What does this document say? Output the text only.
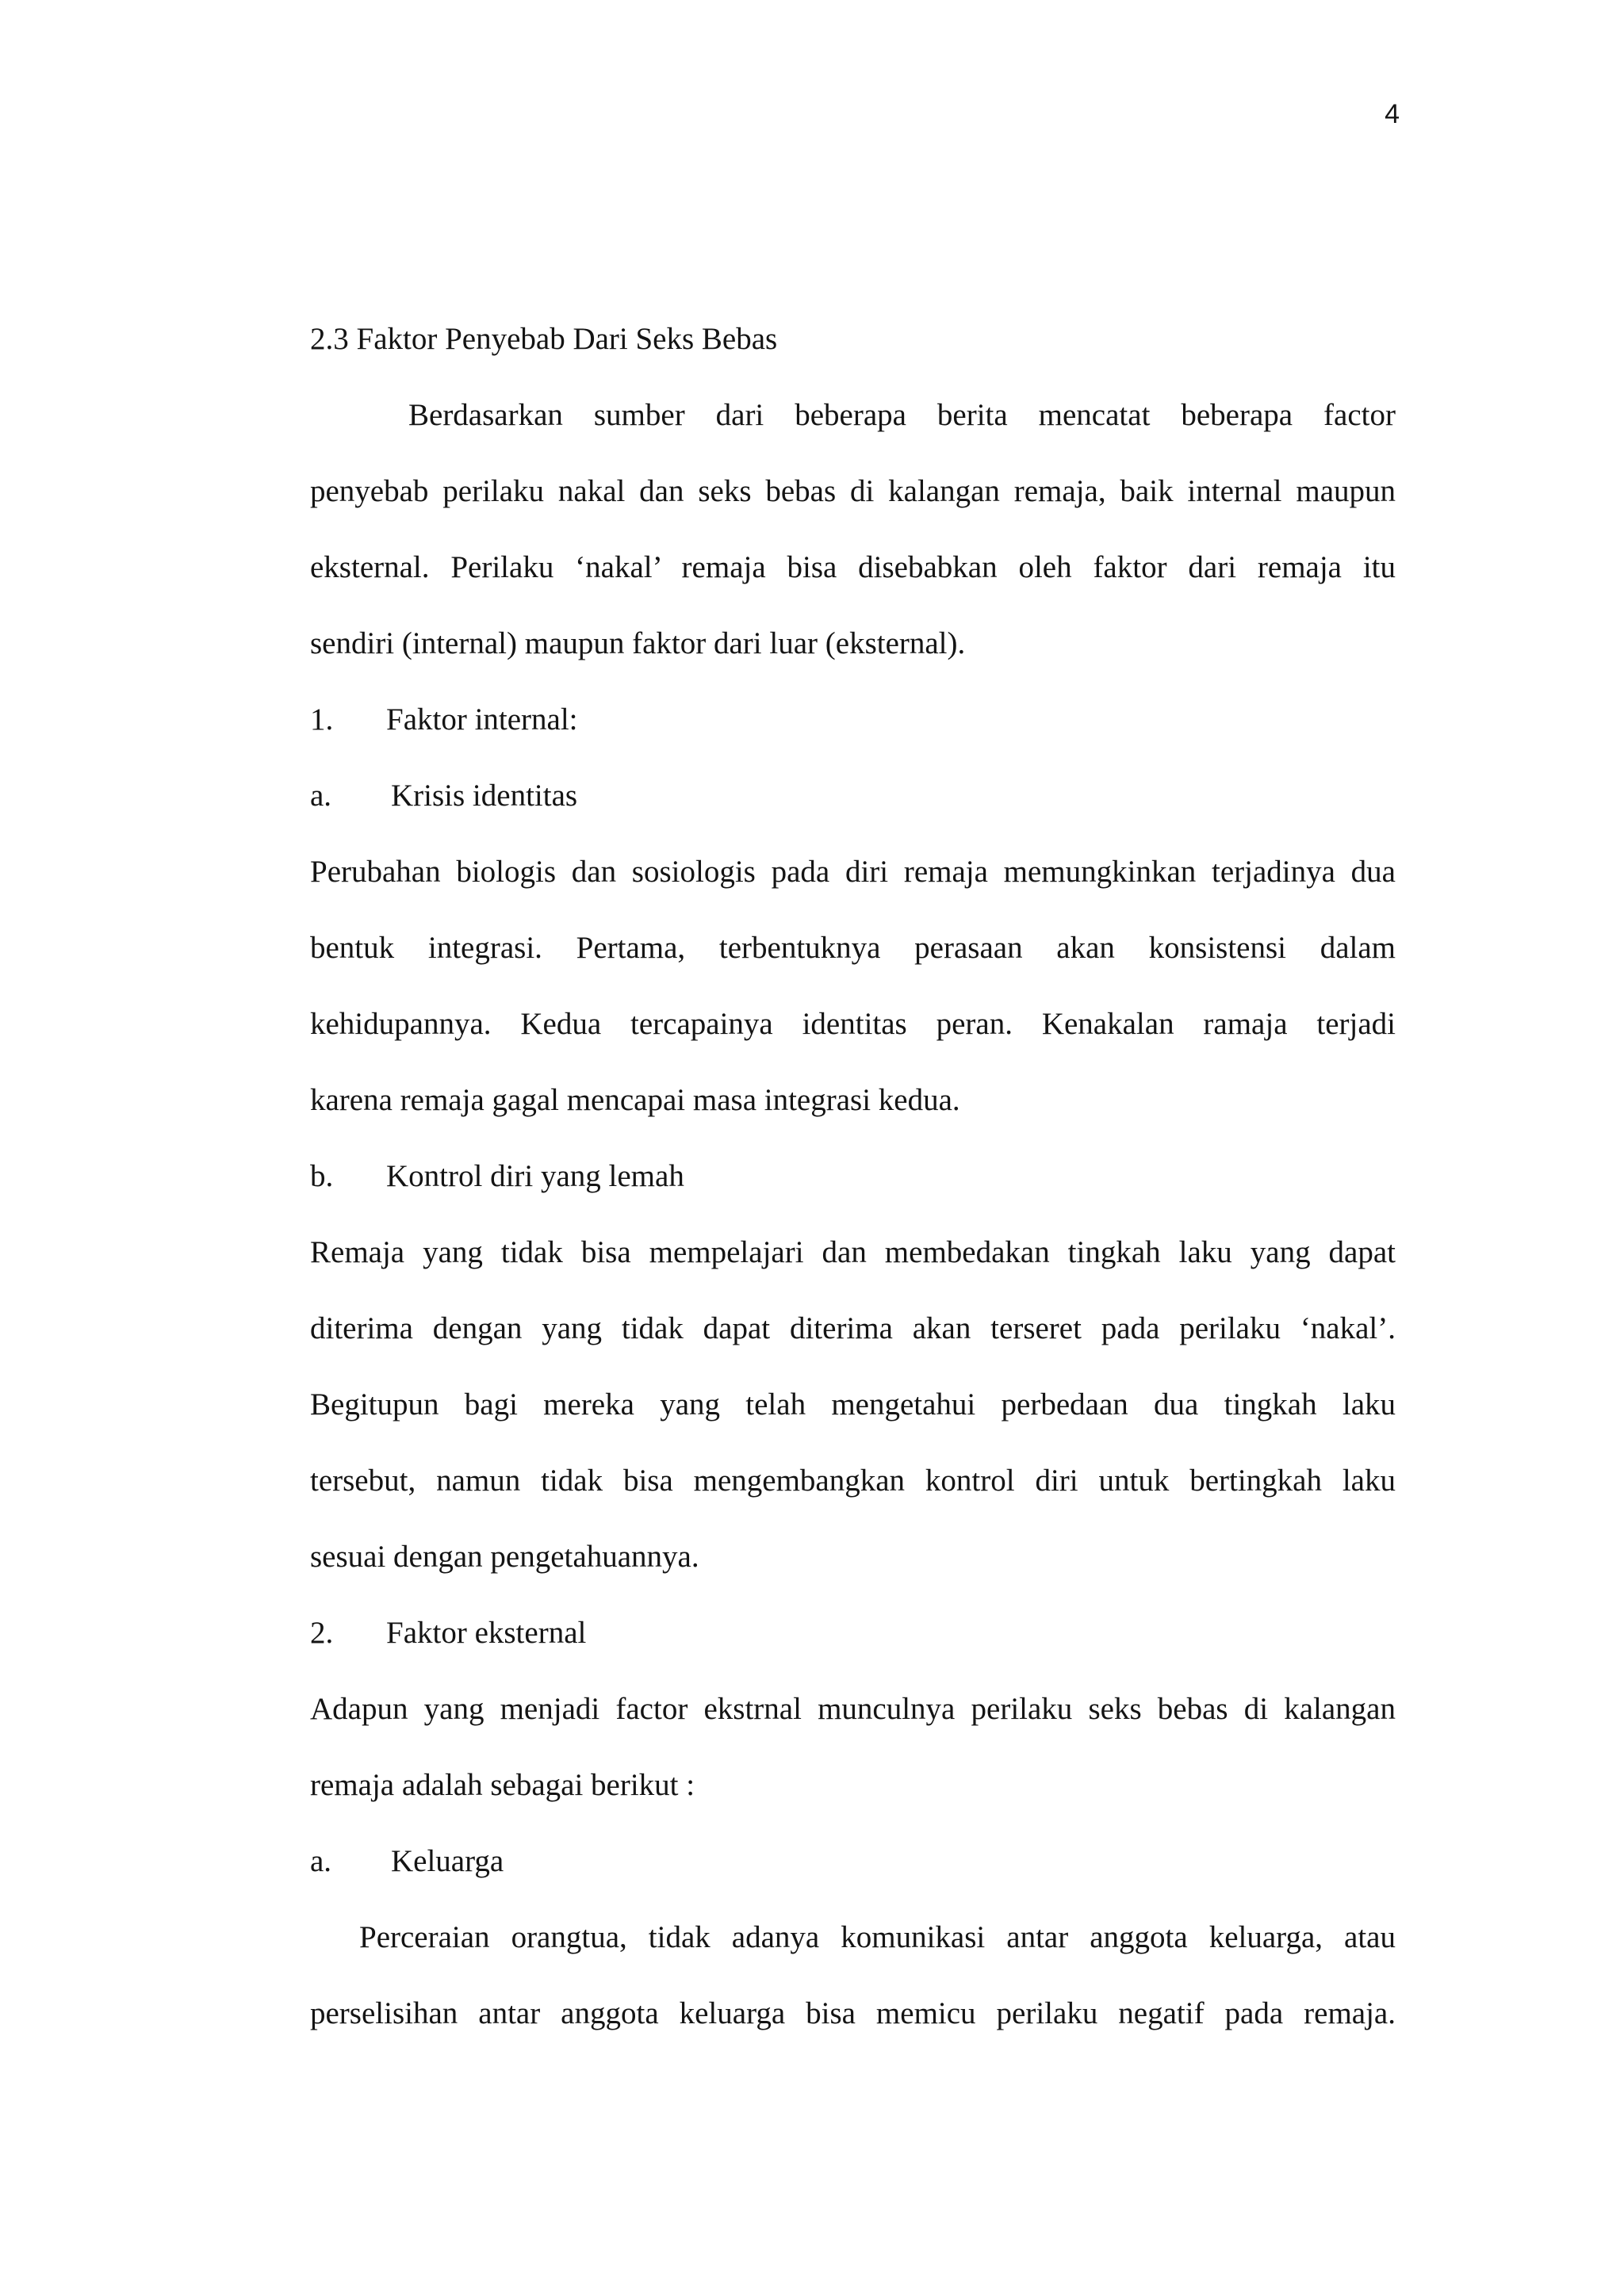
4
2.3 Faktor Penyebab Dari Seks Bebas
Berdasarkan sumber dari beberapa berita mencatat beberapa factor
penyebab perilaku nakal dan seks bebas di kalangan remaja, baik internal maupun
eksternal. Perilaku ‘nakal’ remaja bisa disebabkan oleh faktor dari remaja itu
sendiri (internal) maupun faktor dari luar (eksternal).
1. Faktor internal:
a. Krisis identitas
Perubahan biologis dan sosiologis pada diri remaja memungkinkan terjadinya dua
bentuk integrasi. Pertama, terbentuknya perasaan akan konsistensi dalam
kehidupannya. Kedua tercapainya identitas peran. Kenakalan ramaja terjadi
karena remaja gagal mencapai masa integrasi kedua.
b. Kontrol diri yang lemah
Remaja yang tidak bisa mempelajari dan membedakan tingkah laku yang dapat
diterima dengan yang tidak dapat diterima akan terseret pada perilaku ‘nakal’.
Begitupun bagi mereka yang telah mengetahui perbedaan dua tingkah laku
tersebut, namun tidak bisa mengembangkan kontrol diri untuk bertingkah laku
sesuai dengan pengetahuannya.
2. Faktor eksternal
Adapun yang menjadi factor ekstrnal munculnya perilaku seks bebas di kalangan
remaja adalah sebagai berikut :
a. Keluarga
Perceraian orangtua, tidak adanya komunikasi antar anggota keluarga, atau
perselisihan antar anggota keluarga bisa memicu perilaku negatif pada remaja.
